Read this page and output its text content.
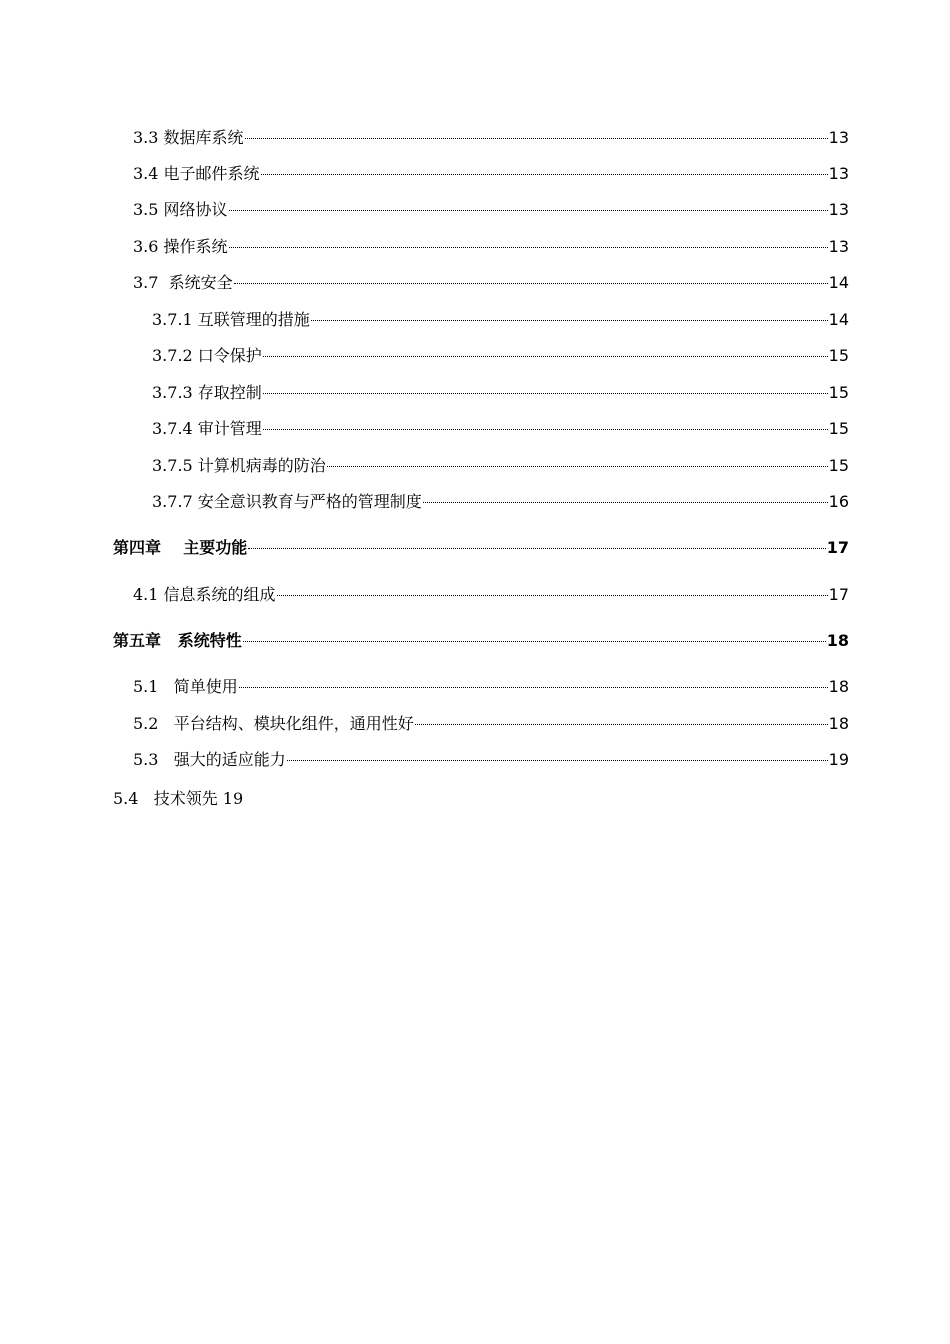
3.3 数据库系统	13
3.4 电子邮件系统	13
3.5 网络协议	13
3.6 操作系统	13
3.7 系统安全	14
3.7.1 互联管理的措施	14
3.7.2 口令保护	15
3.7.3 存取控制	15
3.7.4 审计管理	15
3.7.5 计算机病毒的防治	15
3.7.7 安全意识教育与严格的管理制度	16
第四章 主要功能	17
4.1 信息系统的组成	17
第五章 系统特性	18
5.1 简单使用	18
5.2 平台结构、模块化组件，通用性好	18
5.3 强大的适应能力	19
5.4   技术领先 19
